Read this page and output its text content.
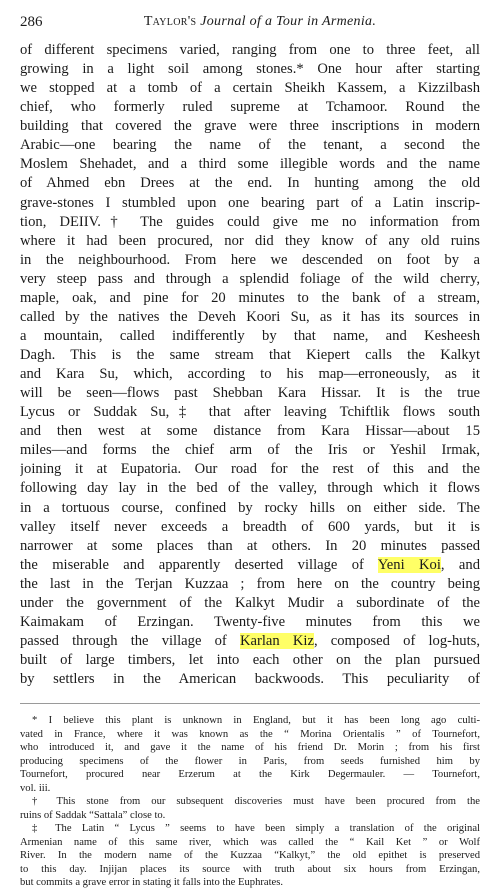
286	Taylor's Journal of a Tour in Armenia.
of different specimens varied, ranging from one to three feet, all
growing in a light soil among stones.* One hour after starting
we stopped at a tomb of a certain Sheikh Kassem, a Kizzilbash
chief, who formerly ruled supreme at Tchamoor. Round the
building that covered the grave were three inscriptions in modern
Arabic—one bearing the name of the tenant, a second the
Moslem Shehadet, and a third some illegible words and the name
of Ahmed ebn Drees at the end. In hunting among the old
grave-stones I stumbled upon one bearing part of a Latin inscrip-
tion, DEIIV.† The guides could give me no information from
where it had been procured, nor did they know of any old ruins
in the neighbourhood. From here we descended on foot by a
very steep pass and through a splendid foliage of the wild cherry,
maple, oak, and pine for 20 minutes to the bank of a stream,
called by the natives the Deveh Koori Su, as it has its sources in
a mountain, called indifferently by that name, and Kesheesh
Dagh. This is the same stream that Kiepert calls the Kalkyt
and Kara Su, which, according to his map—erroneously, as it
will be seen—flows past Shebban Kara Hissar. It is the true
Lycus or Suddak Su,‡ that after leaving Tchiftlik flows south
and then west at some distance from Kara Hissar—about 15
miles—and forms the chief arm of the Iris or Yeshil Irmak,
joining it at Eupatoria. Our road for the rest of this and the
following day lay in the bed of the valley, through which it flows
in a tortuous course, confined by rocky hills on either side. The
valley itself never exceeds a breadth of 600 yards, but it is
narrower at some places than at others. In 20 minutes passed
the miserable and apparently deserted village of Yeni Koi, and
the last in the Terjan Kuzzaa ; from here on the country being
under the government of the Kalkyt Mudir a subordinate of the
Kaimakam of Erzingan. Twenty-five minutes from this we
passed through the village of Karlan Kiz, composed of log-huts,
built of large timbers, let into each other on the plan pursued
by settlers in the American backwoods. This peculiarity of
* I believe this plant is unknown in England, but it has been long ago culti-
vated in France, where it was known as the “ Morina Orientalis ” of Tournefort,
who introduced it, and gave it the name of his friend Dr. Morin ; from his first
producing specimens of the flower in Paris, from seeds furnished him by
Tournefort, procured near Erzerum at the Kirk Degermauler. — Tournefort,
vol. iii.
† This stone from our subsequent discoveries must have been procured from the
ruins of Saddak “Sattala” close to.
‡ The Latin “ Lycus ” seems to have been simply a translation of the original
Armenian name of this same river, which was called the “ Kail Ket ” or Wolf
River. In the modern name of the Kuzzaa “Kalkyt,” the old epithet is preserved
to this day. Injijan places its source with truth about six hours from Erzingan,
but commits a grave error in stating it falls into the Euphrates.
